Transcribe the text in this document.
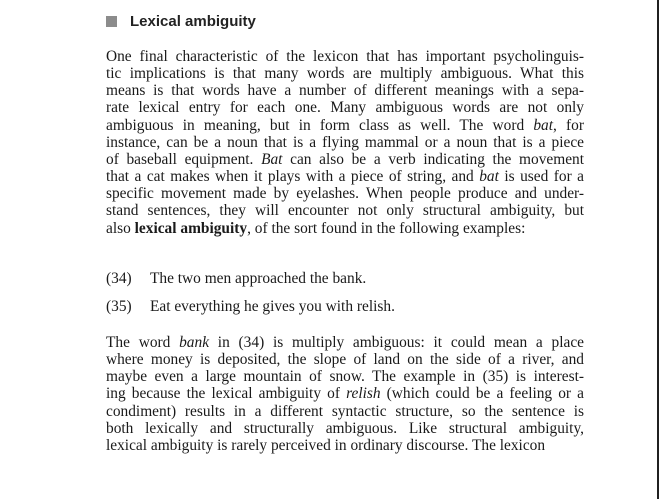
Lexical ambiguity
One final characteristic of the lexicon that has important psycholinguis-
tic implications is that many words are multiply ambiguous. What this
means is that words have a number of different meanings with a sepa-
rate lexical entry for each one. Many ambiguous words are not only
ambiguous in meaning, but in form class as well. The word bat, for
instance, can be a noun that is a flying mammal or a noun that is a piece
of baseball equipment. Bat can also be a verb indicating the movement
that a cat makes when it plays with a piece of string, and bat is used for a
specific movement made by eyelashes. When people produce and under-
stand sentences, they will encounter not only structural ambiguity, but
also lexical ambiguity, of the sort found in the following examples:
(34) The two men approached the bank.
(35) Eat everything he gives you with relish.
The word bank in (34) is multiply ambiguous: it could mean a place
where money is deposited, the slope of land on the side of a river, and
maybe even a large mountain of snow. The example in (35) is interest-
ing because the lexical ambiguity of relish (which could be a feeling or a
condiment) results in a different syntactic structure, so the sentence is
both lexically and structurally ambiguous. Like structural ambiguity,
lexical ambiguity is rarely perceived in ordinary discourse. The lexicon
